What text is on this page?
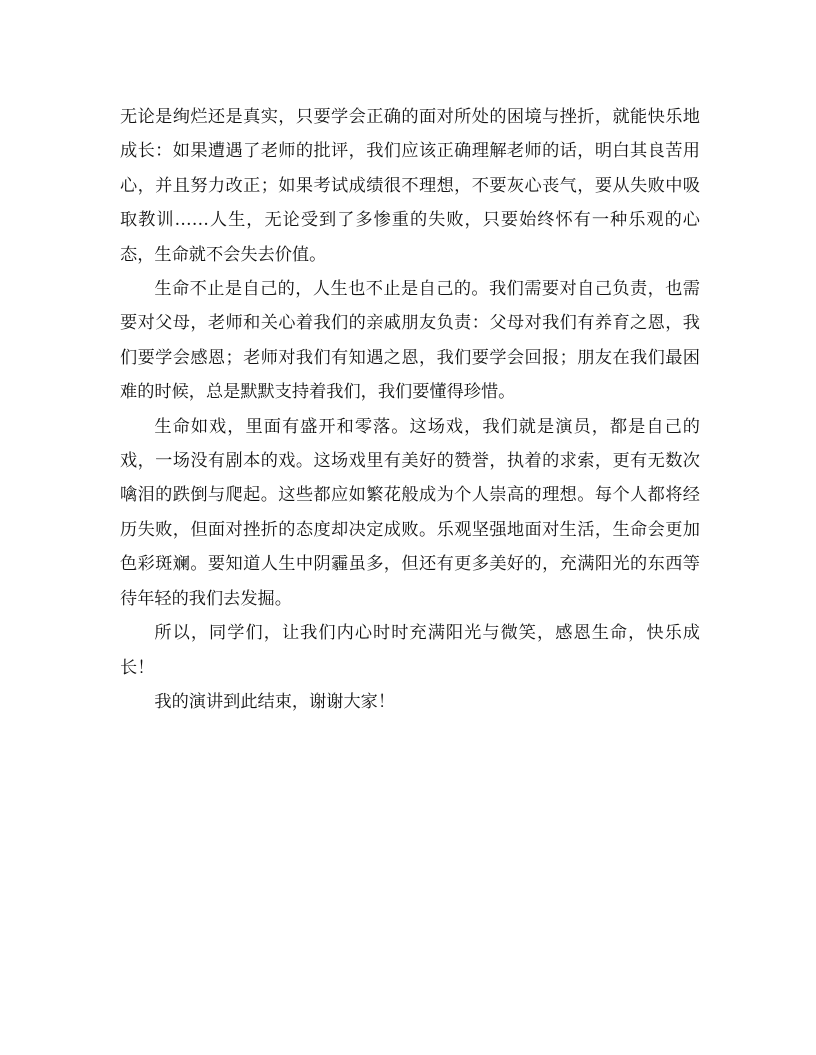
无论是绚烂还是真实，只要学会正确的面对所处的困境与挫折，就能快乐地成长：如果遭遇了老师的批评，我们应该正确理解老师的话，明白其良苦用心，并且努力改正；如果考试成绩很不理想，不要灰心丧气，要从失败中吸取教训……人生，无论受到了多惨重的失败，只要始终怀有一种乐观的心态，生命就不会失去价值。

生命不止是自己的，人生也不止是自己的。我们需要对自己负责，也需要对父母，老师和关心着我们的亲戚朋友负责：父母对我们有养育之恩，我们要学会感恩；老师对我们有知遇之恩，我们要学会回报；朋友在我们最困难的时候，总是默默支持着我们，我们要懂得珍惜。

生命如戏，里面有盛开和零落。这场戏，我们就是演员，都是自己的戏，一场没有剧本的戏。这场戏里有美好的赞誉，执着的求索，更有无数次噙泪的跌倒与爬起。这些都应如繁花般成为个人崇高的理想。每个人都将经历失败，但面对挫折的态度却决定成败。乐观坚强地面对生活，生命会更加色彩斑斓。要知道人生中阴霾虽多，但还有更多美好的，充满阳光的东西等待年轻的我们去发掘。

所以，同学们，让我们内心时时充满阳光与微笑，感恩生命，快乐成长！

我的演讲到此结束，谢谢大家！
